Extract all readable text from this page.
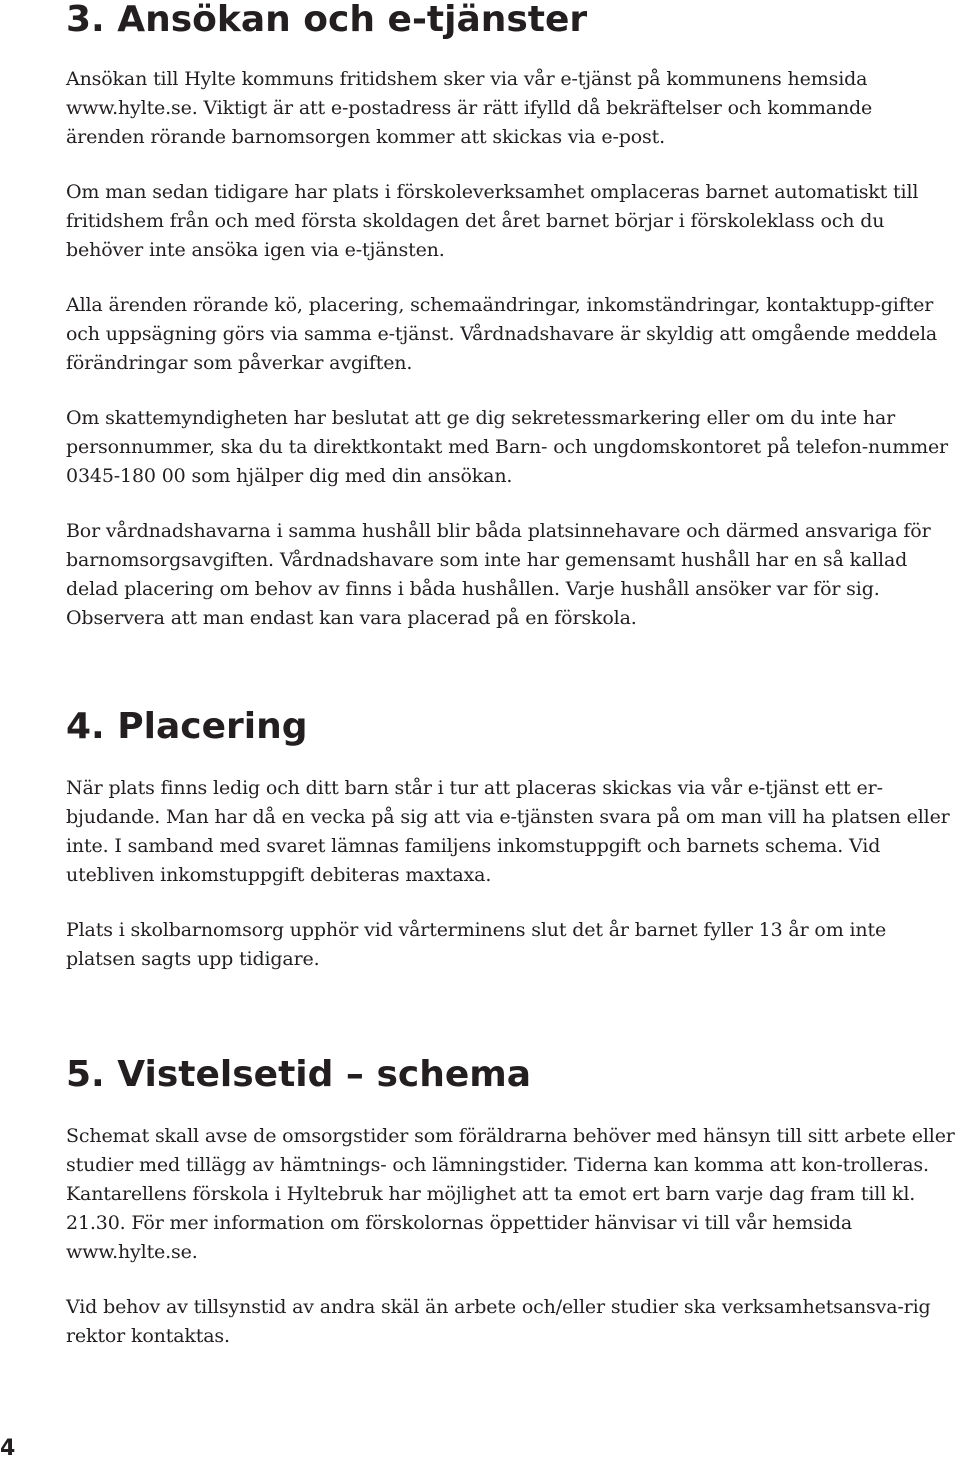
3. Ansökan och e-tjänster

Ansökan till Hylte kommuns fritidshem sker via vår e-tjänst på kommunens hemsida www.hylte.se. Viktigt är att e-postadress är rätt ifylld då bekräftelser och kommande ärenden rörande barnomsorgen kommer att skickas via e-post.

Om man sedan tidigare har plats i förskoleverksamhet omplaceras barnet automatiskt till fritidshem från och med första skoldagen det året barnet börjar i förskoleklass och du behöver inte ansöka igen via e-tjänsten.

Alla ärenden rörande kö, placering, schemaändringar, inkomständringar, kontaktupp-gifter och uppsägning görs via samma e-tjänst. Vårdnadshavare är skyldig att omgående meddela förändringar som påverkar avgiften.

Om skattemyndigheten har beslutat att ge dig sekretessmarkering eller om du inte har personnummer, ska du ta direktkontakt med Barn- och ungdomskontoret på telefon-nummer 0345-180 00 som hjälper dig med din ansökan.

Bor vårdnadshavarna i samma hushåll blir båda platsinnehavare och därmed ansvariga för barnomsorgsavgiften. Vårdnadshavare som inte har gemensamt hushåll har en så kallad delad placering om behov av finns i båda hushållen. Varje hushåll ansöker var för sig. Observera att man endast kan vara placerad på en förskola.

4. Placering

När plats finns ledig och ditt barn står i tur att placeras skickas via vår e-tjänst ett er-bjudande. Man har då en vecka på sig att via e-tjänsten svara på om man vill ha platsen eller inte. I samband med svaret lämnas familjens inkomstuppgift och barnets schema. Vid utebliven inkomstuppgift debiteras maxtaxa.

Plats i skolbarnomsorg upphör vid vårterminens slut det år barnet fyller 13 år om inte platsen sagts upp tidigare.

5. Vistelsetid – schema

Schemat skall avse de omsorgstider som föräldrarna behöver med hänsyn till sitt arbete eller studier med tillägg av hämtnings- och lämningstider. Tiderna kan komma att kon-trolleras. Kantarellens förskola i Hyltebruk har möjlighet att ta emot ert barn varje dag fram till kl. 21.30. För mer information om förskolornas öppettider hänvisar vi till vår hemsida www.hylte.se.

Vid behov av tillsynstid av andra skäl än arbete och/eller studier ska verksamhetsansva-rig rektor kontaktas.

4
